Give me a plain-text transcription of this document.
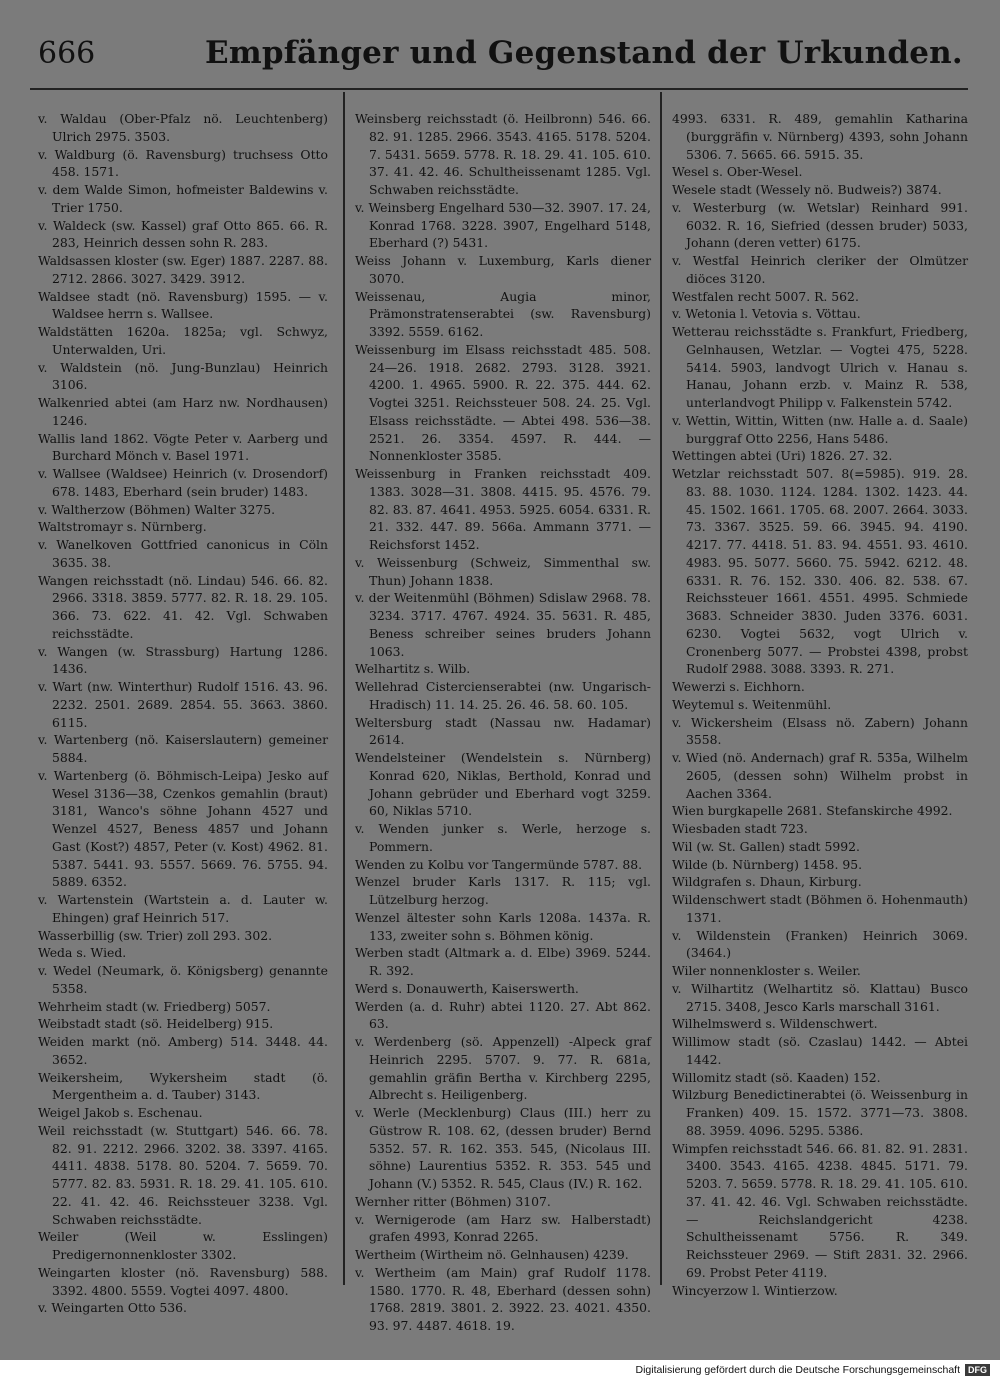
666	Empfänger und Gegenstand der Urkunden.
v. Waldau (Ober-Pfalz nö. Leuchtenberg) Ulrich 2975. 3503.
v. Waldburg (ö. Ravensburg) truchsess Otto 458. 1571.
v. dem Walde Simon, hofmeister Baldewins v. Trier 1750.
v. Waldeck (sw. Kassel) graf Otto 865. 66. R. 283, Heinrich dessen sohn R. 283.
Waldsassen kloster (sw. Eger) 1887. 2287. 88. 2712. 2866. 3027. 3429. 3912.
Waldsee stadt (nö. Ravensburg) 1595. — v. Waldsee herrn s. Wallsee.
Waldstätten 1620a. 1825a; vgl. Schwyz, Unterwalden, Uri.
v. Waldstein (nö. Jung-Bunzlau) Heinrich 3106.
Walkenried abtei (am Harz nw. Nordhausen) 1246.
Wallis land 1862. Vögte Peter v. Aarberg und Burchard Mönch v. Basel 1971.
v. Wallsee (Waldsee) Heinrich (v. Drosendorf) 678. 1483, Eberhard (sein bruder) 1483.
v. Waltherzow (Böhmen) Walter 3275.
Waltstromayr s. Nürnberg.
v. Wanelkoven Gottfried canonicus in Cöln 3635. 38.
Wangen reichsstadt (nö. Lindau) 546. 66. 82. 2966. 3318. 3859. 5777. 82. R. 18. 29. 105. 366. 73. 622. 41. 42. Vgl. Schwaben reichsstädte.
v. Wangen (w. Strassburg) Hartung 1286. 1436.
v. Wart (nw. Winterthur) Rudolf 1516. 43. 96. 2232. 2501. 2689. 2854. 55. 3663. 3860. 6115.
v. Wartenberg (nö. Kaiserslautern) gemeiner 5884.
v. Wartenberg (ö. Böhmisch-Leipa) Jesko auf Wesel 3136—38, Czenkos gemahlin (braut) 3181, Wanco's söhne Johann 4527 und Wenzel 4527, Beness 4857 und Johann Gast (Kost?) 4857, Peter (v. Kost) 4962. 81. 5387. 5441. 93. 5557. 5669. 76. 5755. 94. 5889. 6352.
v. Wartenstein (Wartstein a. d. Lauter w. Ehingen) graf Heinrich 517.
Wasserbillig (sw. Trier) zoll 293. 302.
Weda s. Wied.
v. Wedel (Neumark, ö. Königsberg) genannte 5358.
Wehrheim stadt (w. Friedberg) 5057.
Weibstadt stadt (sö. Heidelberg) 915.
Weiden markt (nö. Amberg) 514. 3448. 44. 3652.
Weikersheim, Wykersheim stadt (ö. Mergentheim a. d. Tauber) 3143.
Weigel Jakob s. Eschenau.
Weil reichsstadt (w. Stuttgart) 546. 66. 78. 82. 91. 2212. 2966. 3202. 38. 3397. 4165. 4411. 4838. 5178. 80. 5204. 7. 5659. 70. 5777. 82. 83. 5931. R. 18. 29. 41. 105. 610. 22. 41. 42. 46. Reichssteuer 3238. Vgl. Schwaben reichsstädte.
Weiler (Weil w. Esslingen) Predigernonnenkloster 3302.
Weingarten kloster (nö. Ravensburg) 588. 3392. 4800. 5559. Vogtei 4097. 4800.
v. Weingarten Otto 536.
Weinsberg reichsstadt (ö. Heilbronn) 546. 66. 82. 91. 1285. 2966. 3543. 4165. 5178. 5204. 7. 5431. 5659. 5778. R. 18. 29. 41. 105. 610. 37. 41. 42. 46. Schultheissenamt 1285. Vgl. Schwaben reichsstädte.
v. Weinsberg Engelhard 530—32. 3907. 17. 24, Konrad 1768. 3228. 3907, Engelhard 5148, Eberhard (?) 5431.
Weiss Johann v. Luxemburg, Karls diener 3070.
Weissenau, Augia minor, Prämonstratenserabtei (sw. Ravensburg) 3392. 5559. 6162.
Weissenburg im Elsass reichsstadt 485. 508. 24—26. 1918. 2682. 2793. 3128. 3921. 4200. 1. 4965. 5900. R. 22. 375. 444. 62. Vogtei 3251. Reichssteuer 508. 24. 25. Vgl. Elsass reichsstädte. — Abtei 498. 536—38. 2521. 26. 3354. 4597. R. 444. — Nonnenkloster 3585.
Weissenburg in Franken reichsstadt 409. 1383. 3028—31. 3808. 4415. 95. 4576. 79. 82. 83. 87. 4641. 4953. 5925. 6054. 6331. R. 21. 332. 447. 89. 566a. Ammann 3771. — Reichsforst 1452.
v. Weissenburg (Schweiz, Simmenthal sw. Thun) Johann 1838.
v. der Weitenmühl (Böhmen) Sdislaw 2968. 78. 3234. 3717. 4767. 4924. 35. 5631. R. 485, Beness schreiber seines bruders Johann 1063.
Welhartitz s. Wilb.
Wellehrad Cistercienserabtei (nw. Ungarisch-Hradisch) 11. 14. 25. 26. 46. 58. 60. 105.
Weltersburg stadt (Nassau nw. Hadamar) 2614.
Wendelsteiner (Wendelstein s. Nürnberg) Konrad 620, Niklas, Berthold, Konrad und Johann gebrüder und Eberhard vogt 3259. 60, Niklas 5710.
v. Wenden junker s. Werle, herzoge s. Pommern.
Wenden zu Kolbu vor Tangermünde 5787. 88.
Wenzel bruder Karls 1317. R. 115; vgl. Lützelburg herzog.
Wenzel ältester sohn Karls 1208a. 1437a. R. 133, zweiter sohn s. Böhmen könig.
Werben stadt (Altmark a. d. Elbe) 3969. 5244. R. 392.
Werd s. Donauwerth, Kaiserswerth.
Werden (a. d. Ruhr) abtei 1120. 27. Abt 862. 63.
v. Werdenberg (sö. Appenzell) -Alpeck graf Heinrich 2295. 5707. 9. 77. R. 681a, gemahlin gräfin Bertha v. Kirchberg 2295, Albrecht s. Heiligenberg.
v. Werle (Mecklenburg) Claus (III.) herr zu Güstrow R. 108. 62, (dessen bruder) Bernd 5352. 57. R. 162. 353. 545, (Nicolaus III. söhne) Laurentius 5352. R. 353. 545 und Johann (V.) 5352. R. 545, Claus (IV.) R. 162.
Wernher ritter (Böhmen) 3107.
v. Wernigerode (am Harz sw. Halberstadt) grafen 4993, Konrad 2265.
Wertheim (Wirtheim nö. Gelnhausen) 4239.
v. Wertheim (am Main) graf Rudolf 1178. 1580. 1770. R. 48, Eberhard (dessen sohn) 1768. 2819. 3801. 2. 3922. 23. 4021. 4350. 93. 97. 4487. 4618. 19.
4993. 6331. R. 489, gemahlin Katharina (burggräfin v. Nürnberg) 4393, sohn Johann 5306. 7. 5665. 66. 5915. 35.
Wesel s. Ober-Wesel.
Wesele stadt (Wessely nö. Budweis?) 3874.
v. Westerburg (w. Wetslar) Reinhard 991. 6032. R. 16, Siefried (dessen bruder) 5033, Johann (deren vetter) 6175.
v. Westfal Heinrich cleriker der Olmützer diöces 3120.
Westfalen recht 5007. R. 562.
v. Wetonia l. Vetovia s. Vöttau.
Wetterau reichsstädte s. Frankfurt, Friedberg, Gelnhausen, Wetzlar. — Vogtei 475, 5228. 5414. 5903, landvogt Ulrich v. Hanau s. Hanau, Johann erzb. v. Mainz R. 538, unterlandvogt Philipp v. Falkenstein 5742.
v. Wettin, Wittin, Witten (nw. Halle a. d. Saale) burggraf Otto 2256, Hans 5486.
Wettingen abtei (Uri) 1826. 27. 32.
Wetzlar reichsstadt 507. 8(=5985). 919. 28. 83. 88. 1030. 1124. 1284. 1302. 1423. 44. 45. 1502. 1661. 1705. 68. 2007. 2664. 3033. 73. 3367. 3525. 59. 66. 3945. 94. 4190. 4217. 77. 4418. 51. 83. 94. 4551. 93. 4610. 4983. 95. 5077. 5660. 75. 5942. 6212. 48. 6331. R. 76. 152. 330. 406. 82. 538. 67. Reichssteuer 1661. 4551. 4995. Schmiede 3683. Schneider 3830. Juden 3376. 6031. 6230. Vogtei 5632, vogt Ulrich v. Cronenberg 5077. — Probstei 4398, probst Rudolf 2988. 3088. 3393. R. 271.
Wewerzi s. Eichhorn.
Weytemul s. Weitenmühl.
v. Wickersheim (Elsass nö. Zabern) Johann 3558.
v. Wied (nö. Andernach) graf R. 535a, Wilhelm 2605, (dessen sohn) Wilhelm probst in Aachen 3364.
Wien burgkapelle 2681. Stefanskirche 4992.
Wiesbaden stadt 723.
Wil (w. St. Gallen) stadt 5992.
Wilde (b. Nürnberg) 1458. 95.
Wildgrafen s. Dhaun, Kirburg.
Wildenschwert stadt (Böhmen ö. Hohenmauth) 1371.
v. Wildenstein (Franken) Heinrich 3069. (3464.)
Wiler nonnenkloster s. Weiler.
v. Wilhartitz (Welhartitz sö. Klattau) Busco 2715. 3408, Jesco Karls marschall 3161.
Wilhelmswerd s. Wildenschwert.
Willimow stadt (sö. Czaslau) 1442. — Abtei 1442.
Willomitz stadt (sö. Kaaden) 152.
Wilzburg Benedictinerabtei (ö. Weissenburg in Franken) 409. 15. 1572. 3771—73. 3808. 88. 3959. 4096. 5295. 5386.
Wimpfen reichsstadt 546. 66. 81. 82. 91. 2831. 3400. 3543. 4165. 4238. 4845. 5171. 79. 5203. 7. 5659. 5778. R. 18. 29. 41. 105. 610. 37. 41. 42. 46. Vgl. Schwaben reichsstädte. — Reichslandgericht 4238. Schultheissenamt 5756. R. 349. Reichssteuer 2969. — Stift 2831. 32. 2966. 69. Probst Peter 4119.
Wincyerzow l. Wintierzow.
Digitalisierung gefördert durch die Deutsche Forschungsgemeinschaft DFG
